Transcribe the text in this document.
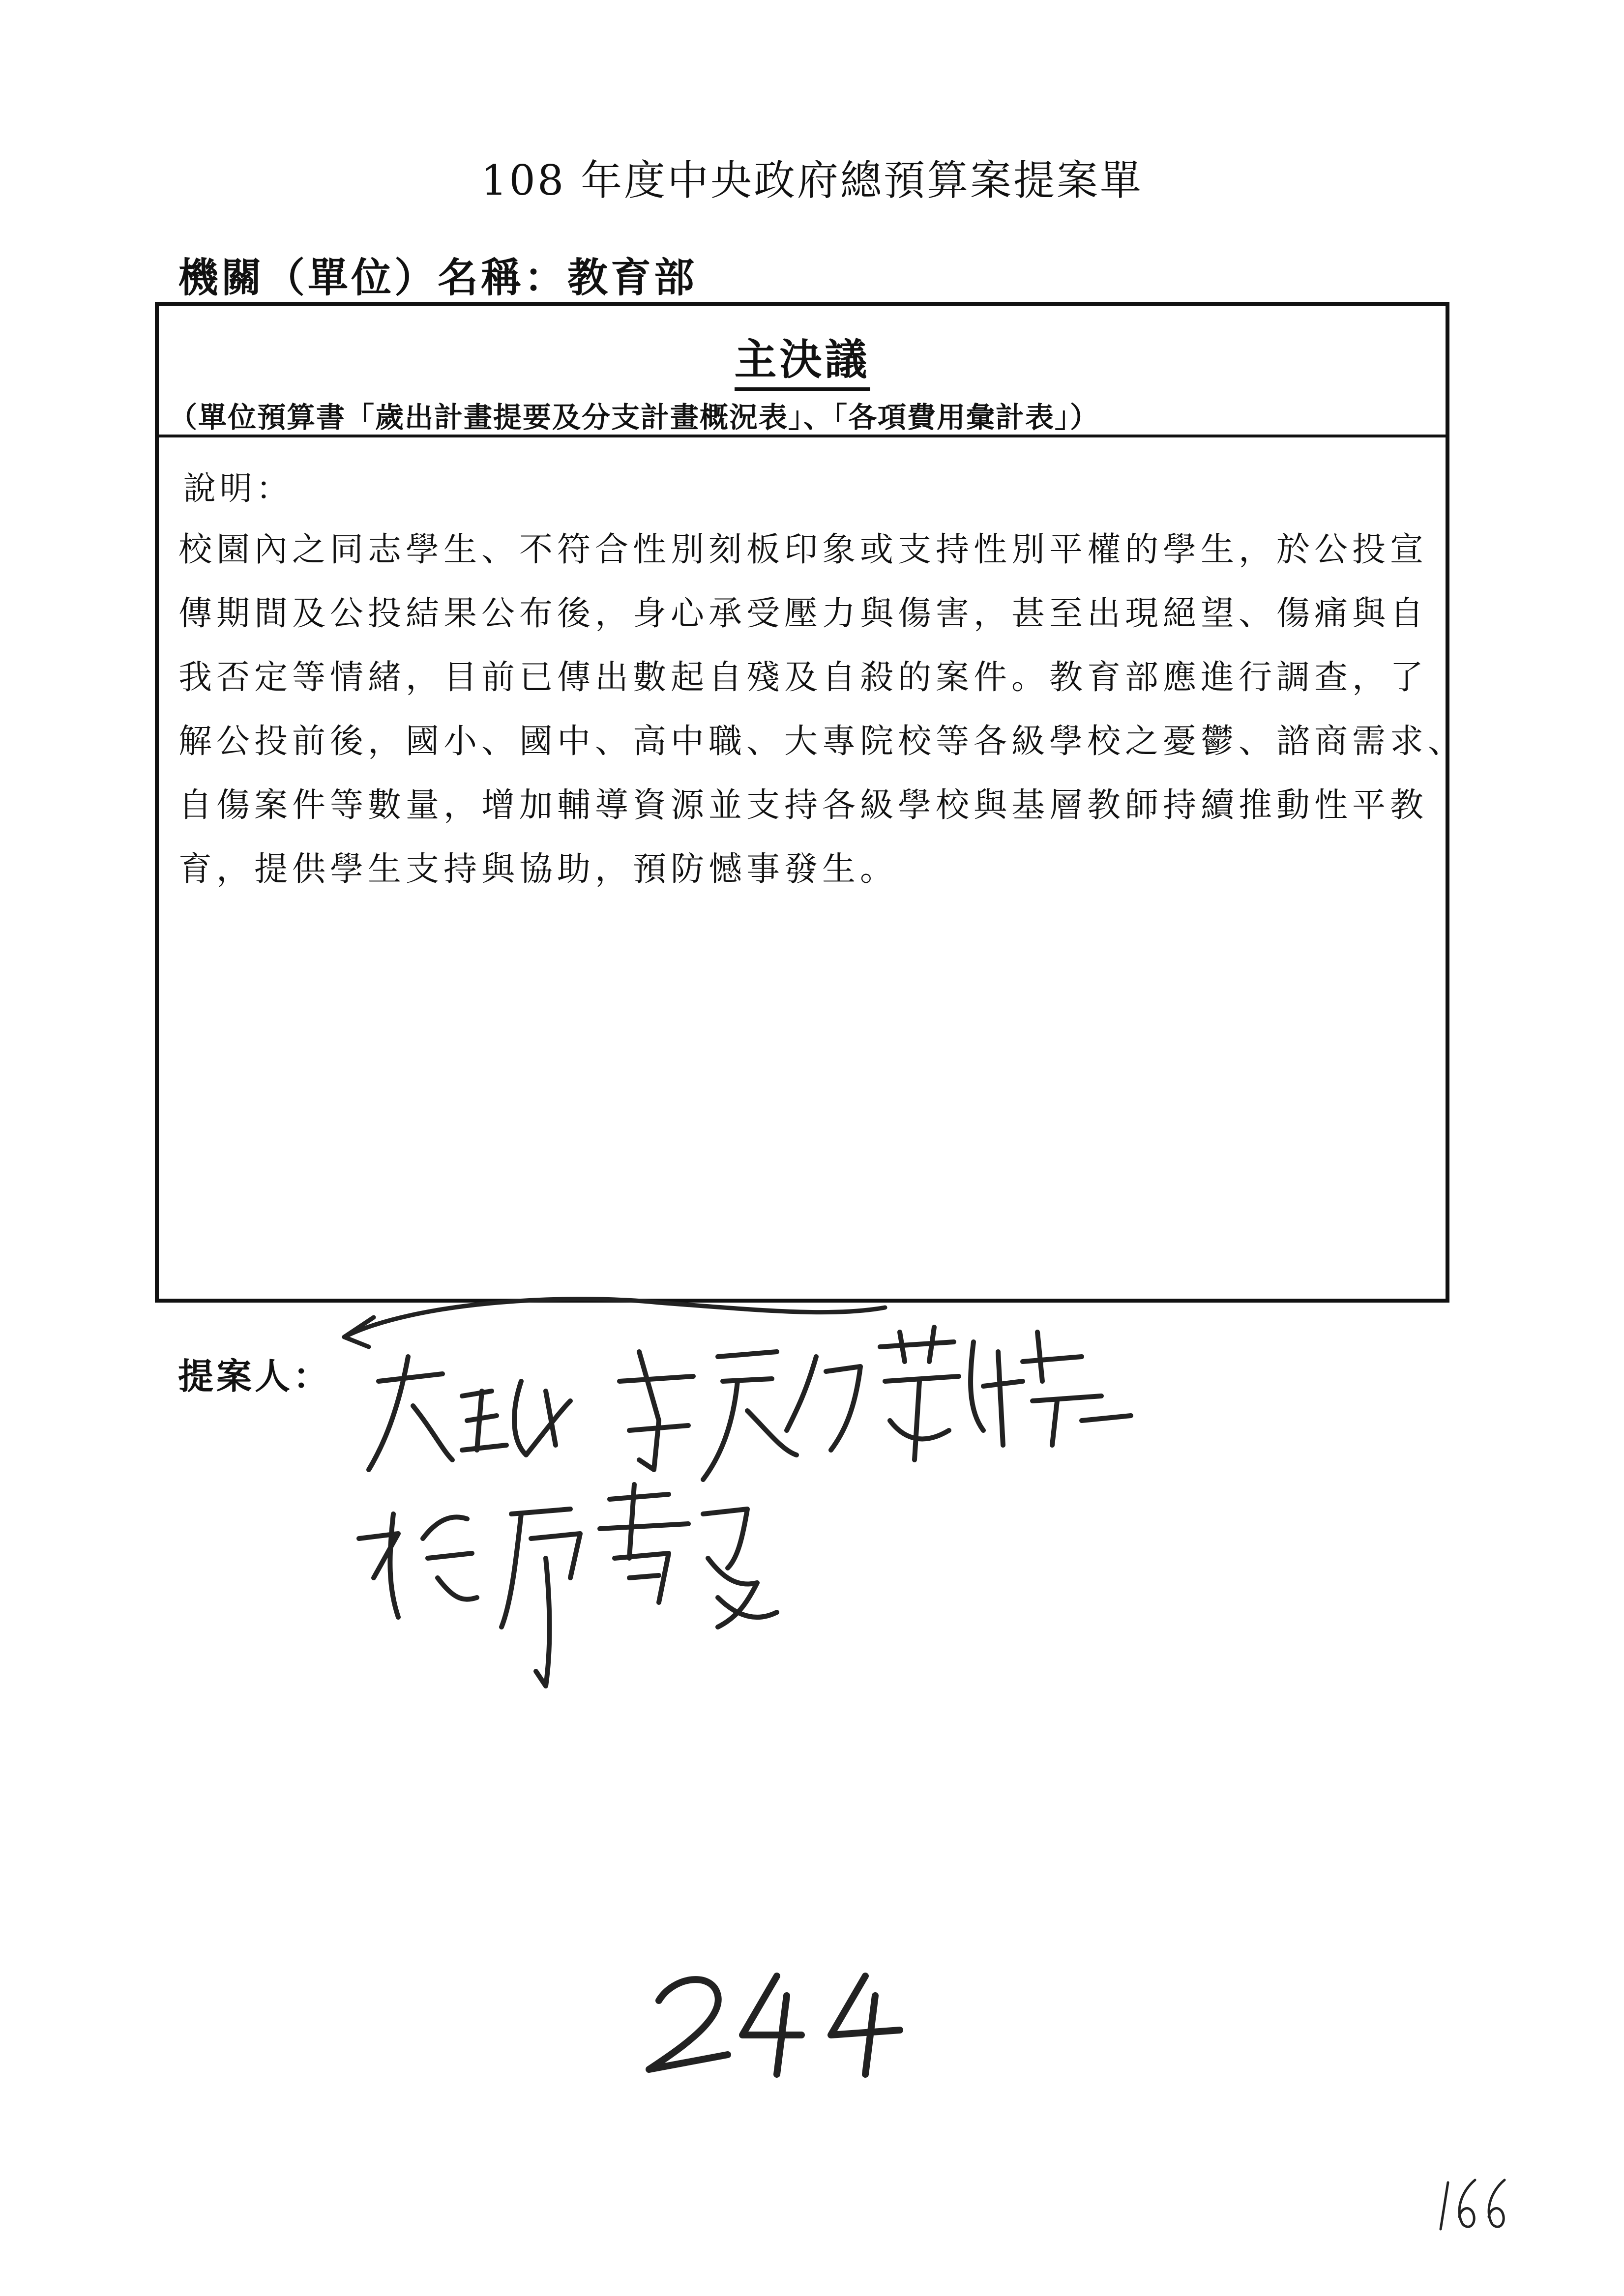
108 年度中央政府總預算案提案單
機關（單位）名稱：教育部
主決議
（單位預算書「歲出計畫提要及分支計畫概況表」、「各項費用彙計表」）
說明：
校園內之同志學生、不符合性別刻板印象或支持性別平權的學生，於公投宣
傳期間及公投結果公布後，身心承受壓力與傷害，甚至出現絕望、傷痛與自
我否定等情緒，目前已傳出數起自殘及自殺的案件。教育部應進行調查，了
解公投前後，國小、國中、高中職、大專院校等各級學校之憂鬱、諮商需求、
自傷案件等數量，增加輔導資源並支持各級學校與基層教師持續推動性平教
育，提供學生支持與協助，預防憾事發生。
提案人：
